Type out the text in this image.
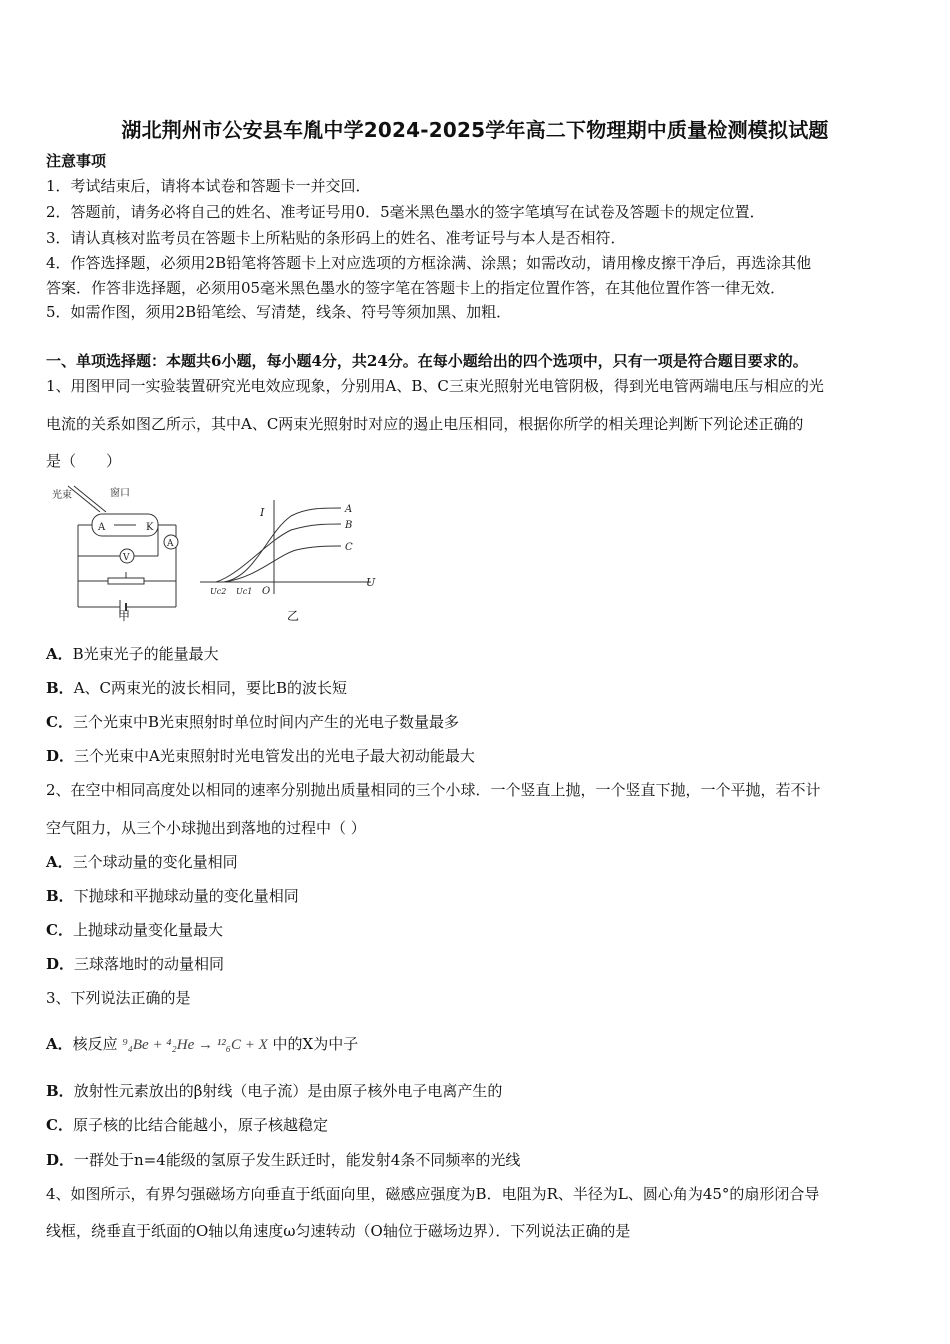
湖北荆州市公安县车胤中学2024-2025学年高二下物理期中质量检测模拟试题
注意事项
1．考试结束后，请将本试卷和答题卡一并交回．
2．答题前，请务必将自己的姓名、准考证号用0．5毫米黑色墨水的签字笔填写在试卷及答题卡的规定位置．
3．请认真核对监考员在答题卡上所粘贴的条形码上的姓名、准考证号与本人是否相符．
4．作答选择题，必须用2B铅笔将答题卡上对应选项的方框涂满、涂黑；如需改动，请用橡皮擦干净后，再选涂其他
答案．作答非选择题，必须用05毫米黑色墨水的签字笔在答题卡上的指定位置作答，在其他位置作答一律无效．
5．如需作图，须用2B铅笔绘、写清楚，线条、符号等须加黑、加粗．
一、单项选择题：本题共6小题，每小题4分，共24分。在每小题给出的四个选项中，只有一项是符合题目要求的。
1、用图甲同一实验装置研究光电效应现象，分别用A、B、C三束光照射光电管阴极，得到光电管两端电压与相应的光
电流的关系如图乙所示，其中A、C两束光照射时对应的遏止电压相同，根据你所学的相关理论判断下列论述正确的
是（　　）
光束	窗口
A	K
A
V
甲
I
U
O
Uc2 Uc1
A
B
C
乙
A．B光束光子的能量最大
B．A、C两束光的波长相同，要比B的波长短
C．三个光束中B光束照射时单位时间内产生的光电子数量最多
D．三个光束中A光束照射时光电管发出的光电子最大初动能最大
2、在空中相同高度处以相同的速率分别抛出质量相同的三个小球．一个竖直上抛，一个竖直下抛，一个平抛，若不计
空气阻力，从三个小球抛出到落地的过程中（ ）
A．三个球动量的变化量相同
B．下抛球和平抛球动量的变化量相同
C．上抛球动量变化量最大
D．三球落地时的动量相同
3、下列说法正确的是
A．核反应 ⁹₄Be + ⁴₂He → ¹²₆C + X 中的X为中子
B．放射性元素放出的β射线（电子流）是由原子核外电子电离产生的
C．原子核的比结合能越小，原子核越稳定
D．一群处于n=4能级的氢原子发生跃迁时，能发射4条不同频率的光线
4、如图所示，有界匀强磁场方向垂直于纸面向里，磁感应强度为B．电阻为R、半径为L、圆心角为45°的扇形闭合导
线框，绕垂直于纸面的O轴以角速度ω匀速转动（O轴位于磁场边界）．下列说法正确的是
